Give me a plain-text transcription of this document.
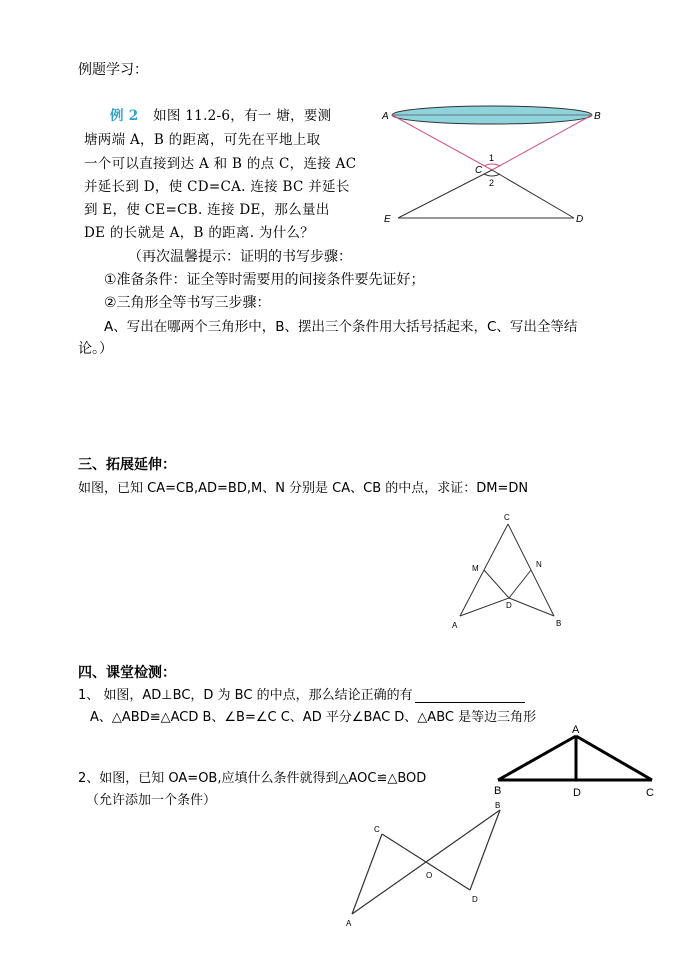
例题学习：
例 2 如图 11.2-6，有一 塘，要测
塘两端 A，B 的距离，可先在平地上取
一个可以直接到达 A 和 B 的点 C，连接 AC
并延长到 D，使 CD=CA. 连接 BC 并延长
到 E，使 CE=CB. 连接 DE，那么量出
DE 的长就是 A，B 的距离. 为什么？
A	B
C
1
2
E	D
（再次温馨提示：证明的书写步骤：
①准备条件：证全等时需要用的间接条件要先证好；
②三角形全等书写三步骤：
A、写出在哪两个三角形中，B、摆出三个条件用大括号括起来，C、写出全等结
论。）
三、拓展延伸：
如图，已知 CA=CB,AD=BD,M、N 分别是 CA、CB 的中点，求证：DM=DN
C
M	N
D
A	B
四、课堂检测：
1、 如图，AD⊥BC，D 为 BC 的中点，那么结论正确的有
A、△ABD≌△ACD B、∠B=∠C C、AD 平分∠BAC D、△ABC 是等边三角形
A
B	D	C
2、如图，已知 OA=OB,应填什么条件就得到△AOC≌△BOD
（允许添加一个条件）
C
B
O
D
A
